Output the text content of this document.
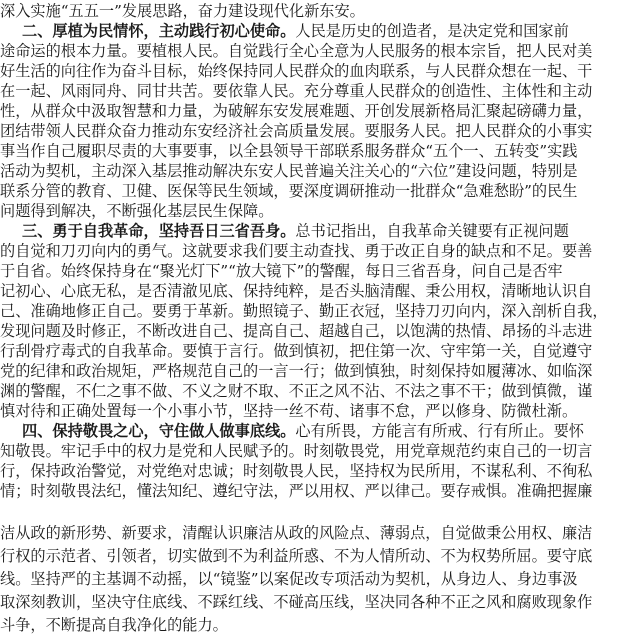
深入实施“五五一”发展思路，奋力建设现代化新东安。
二、厚植为民情怀，主动践行初心使命。人民是历史的创造者，是决定党和国家前
途命运的根本力量。要植根人民。自觉践行全心全意为人民服务的根本宗旨，把人民对美
好生活的向往作为奋斗目标，始终保持同人民群众的血肉联系，与人民群众想在一起、干
在一起、风雨同舟、同甘共苦。要依靠人民。充分尊重人民群众的创造性、主体性和主动
性，从群众中汲取智慧和力量，为破解东安发展难题、开创发展新格局汇聚起磅礴力量，
团结带领人民群众奋力推动东安经济社会高质量发展。要服务人民。把人民群众的小事实
事当作自己履职尽责的大事要事，以全县领导干部联系服务群众“五个一、五转变”实践
活动为契机，主动深入基层推动解决东安人民普遍关注关心的“六位”建设问题，特别是
联系分管的教育、卫健、医保等民生领域，要深度调研推动一批群众“急难愁盼”的民生
问题得到解决，不断强化基层民生保障。
三、勇于自我革命，坚持吾日三省吾身。总书记指出，自我革命关键要有正视问题
的自觉和刀刃向内的勇气。这就要求我们要主动查找、勇于改正自身的缺点和不足。要善
于自省。始终保持身在“聚光灯下”“放大镜下”的警醒，每日三省吾身，问自己是否牢
记初心、心底无私，是否清澈见底、保持纯粹，是否头脑清醒、秉公用权，清晰地认识自
己、准确地修正自己。要勇于革新。勤照镜子、勤正衣冠，坚持刀刃向内，深入剖析自我，
发现问题及时修正，不断改进自己、提高自己、超越自己，以饱满的热情、昂扬的斗志进
行刮骨疗毒式的自我革命。要慎于言行。做到慎初，把住第一次、守牢第一关，自觉遵守
党的纪律和政治规矩，严格规范自己的一言一行；做到慎独，时刻保持如履薄冰、如临深
渊的警醒，不仁之事不做、不义之财不取、不正之风不沾、不法之事不干；做到慎微，谨
慎对待和正确处置每一个小事小节，坚持一丝不苟、诸事不怠，严以修身、防微杜渐。
四、保持敬畏之心，守住做人做事底线。心有所畏，方能言有所戒、行有所止。要怀
知敬畏。牢记手中的权力是党和人民赋予的。时刻敬畏党，用党章规范约束自己的一切言
行，保持政治警觉，对党绝对忠诚；时刻敬畏人民，坚持权为民所用，不谋私利、不徇私
情；时刻敬畏法纪，懂法知纪、遵纪守法，严以用权、严以律己。要存戒惧。准确把握廉
洁从政的新形势、新要求，清醒认识廉洁从政的风险点、薄弱点，自觉做秉公用权、廉洁
行权的示范者、引领者，切实做到不为利益所惑、不为人情所动、不为权势所屈。要守底
线。坚持严的主基调不动摇，以“镜鉴”以案促改专项活动为契机，从身边人、身边事汲
取深刻教训，坚决守住底线、不踩红线、不碰高压线，坚决同各种不正之风和腐败现象作
斗争，不断提高自我净化的能力。
